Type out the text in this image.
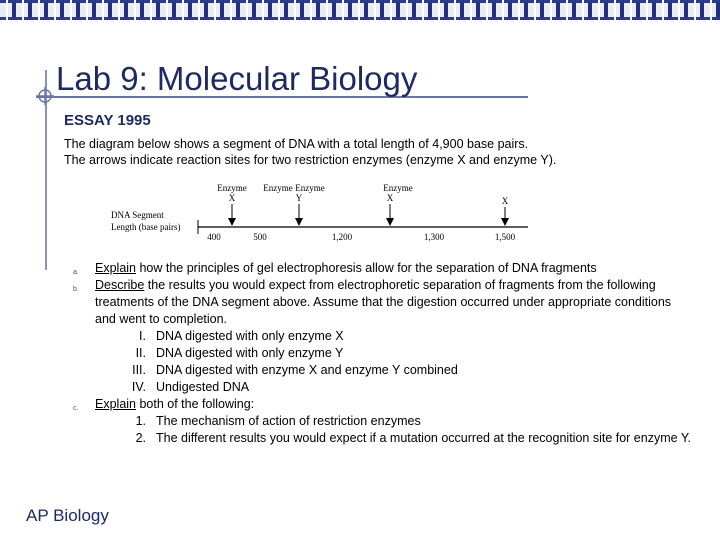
Lab 9: Molecular Biology
ESSAY 1995
The diagram below shows a segment of DNA with a total length of 4,900 base pairs.
The arrows indicate reaction sites for two restriction enzymes (enzyme X and enzyme Y).
DNA Segment
Length (base pairs)
Enzyme
X
Enzyme
Y
Enzyme	Enzyme
X	X
400	500	1,200	1,300	1,500
a. Explain how the principles of gel electrophoresis allow for the separation of DNA fragments
b. Describe the results you would expect from electrophoretic separation of fragments from the following treatments of the DNA segment above. Assume that the digestion occurred under appropriate conditions and went to completion.
I. DNA digested with only enzyme X
II. DNA digested with only enzyme Y
III. DNA digested with enzyme X and enzyme Y combined
IV. Undigested DNA
c. Explain both of the following:
1. The mechanism of action of restriction enzymes
2. The different results you would expect if a mutation occurred at the recognition site for enzyme Y.
AP Biology
